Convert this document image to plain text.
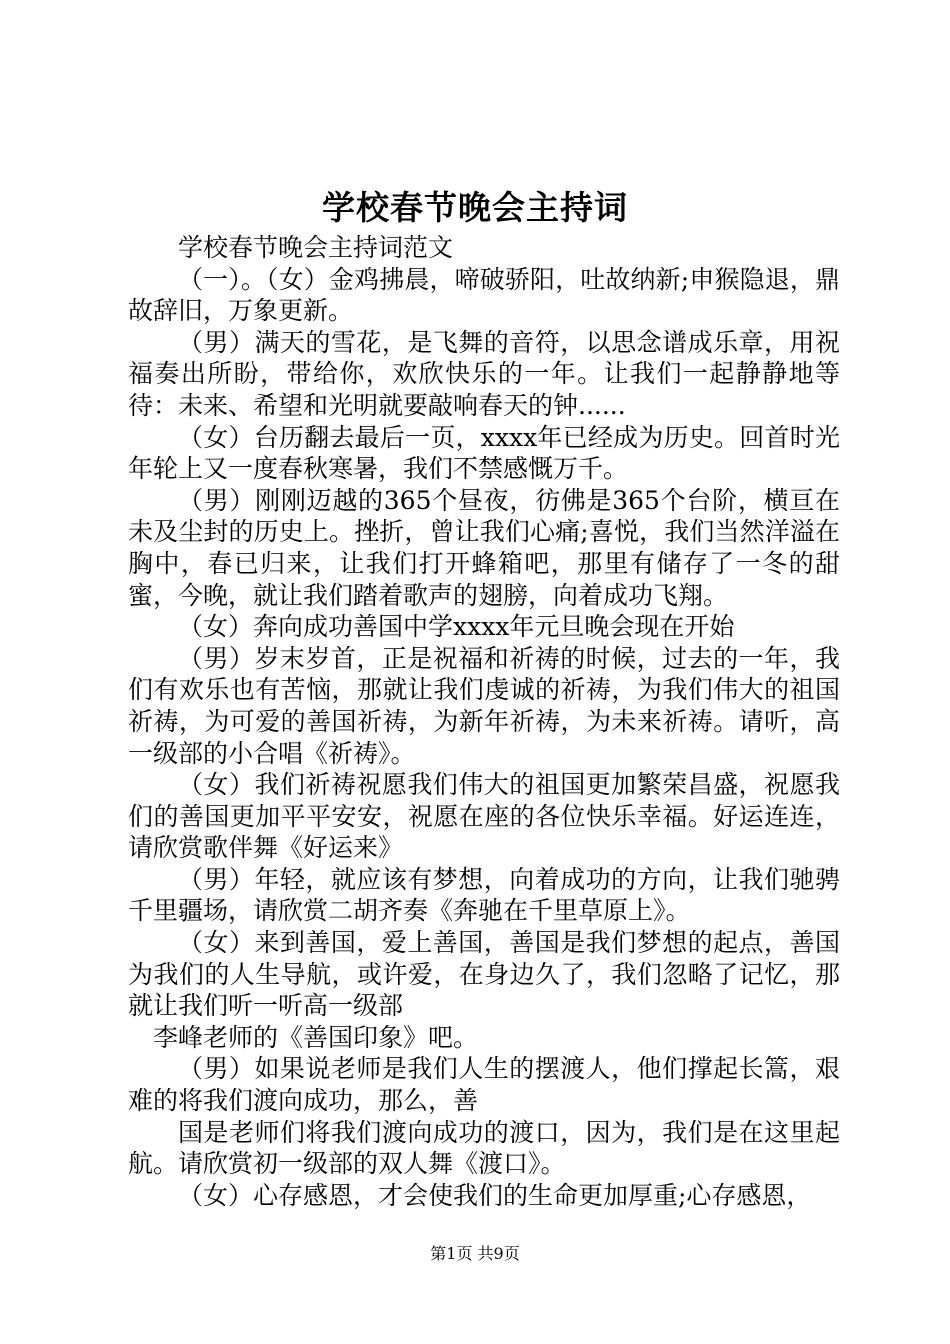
学校春节晚会主持词

学校春节晚会主持词范文

（一）。（女）金鸡拂晨，啼破骄阳，吐故纳新;申猴隐退，鼎故辞旧，万象更新。

（男）满天的雪花，是飞舞的音符，以思念谱成乐章，用祝福奏出所盼，带给你，欢欣快乐的一年。让我们一起静静地等待：未来、希望和光明就要敲响春天的钟......

（女）台历翻去最后一页，xxxx年已经成为历史。回首时光年轮上又一度春秋寒暑，我们不禁感慨万千。

（男）刚刚迈越的365个昼夜，彷佛是365个台阶，横亘在未及尘封的历史上。挫折，曾让我们心痛;喜悦，我们当然洋溢在胸中，春已归来，让我们打开蜂箱吧，那里有储存了一冬的甜蜜，今晚，就让我们踏着歌声的翅膀，向着成功飞翔。

（女）奔向成功善国中学xxxx年元旦晚会现在开始

（男）岁末岁首，正是祝福和祈祷的时候，过去的一年，我们有欢乐也有苦恼，那就让我们虔诚的祈祷，为我们伟大的祖国祈祷，为可爱的善国祈祷，为新年祈祷，为未来祈祷。请听，高一级部的小合唱《祈祷》。

（女）我们祈祷祝愿我们伟大的祖国更加繁荣昌盛，祝愿我们的善国更加平平安安，祝愿在座的各位快乐幸福。好运连连，请欣赏歌伴舞《好运来》

（男）年轻，就应该有梦想，向着成功的方向，让我们驰骋千里疆场，请欣赏二胡齐奏《奔驰在千里草原上》。

（女）来到善国，爱上善国，善国是我们梦想的起点，善国为我们的人生导航，或许爱，在身边久了，我们忽略了记忆，那就让我们听一听高一级部

李峰老师的《善国印象》吧。

（男）如果说老师是我们人生的摆渡人，他们撑起长篙，艰难的将我们渡向成功，那么，善

国是老师们将我们渡向成功的渡口，因为，我们是在这里起航。请欣赏初一级部的双人舞《渡口》。

（女）心存感恩，才会使我们的生命更加厚重;心存感恩，

第1页 共9页
